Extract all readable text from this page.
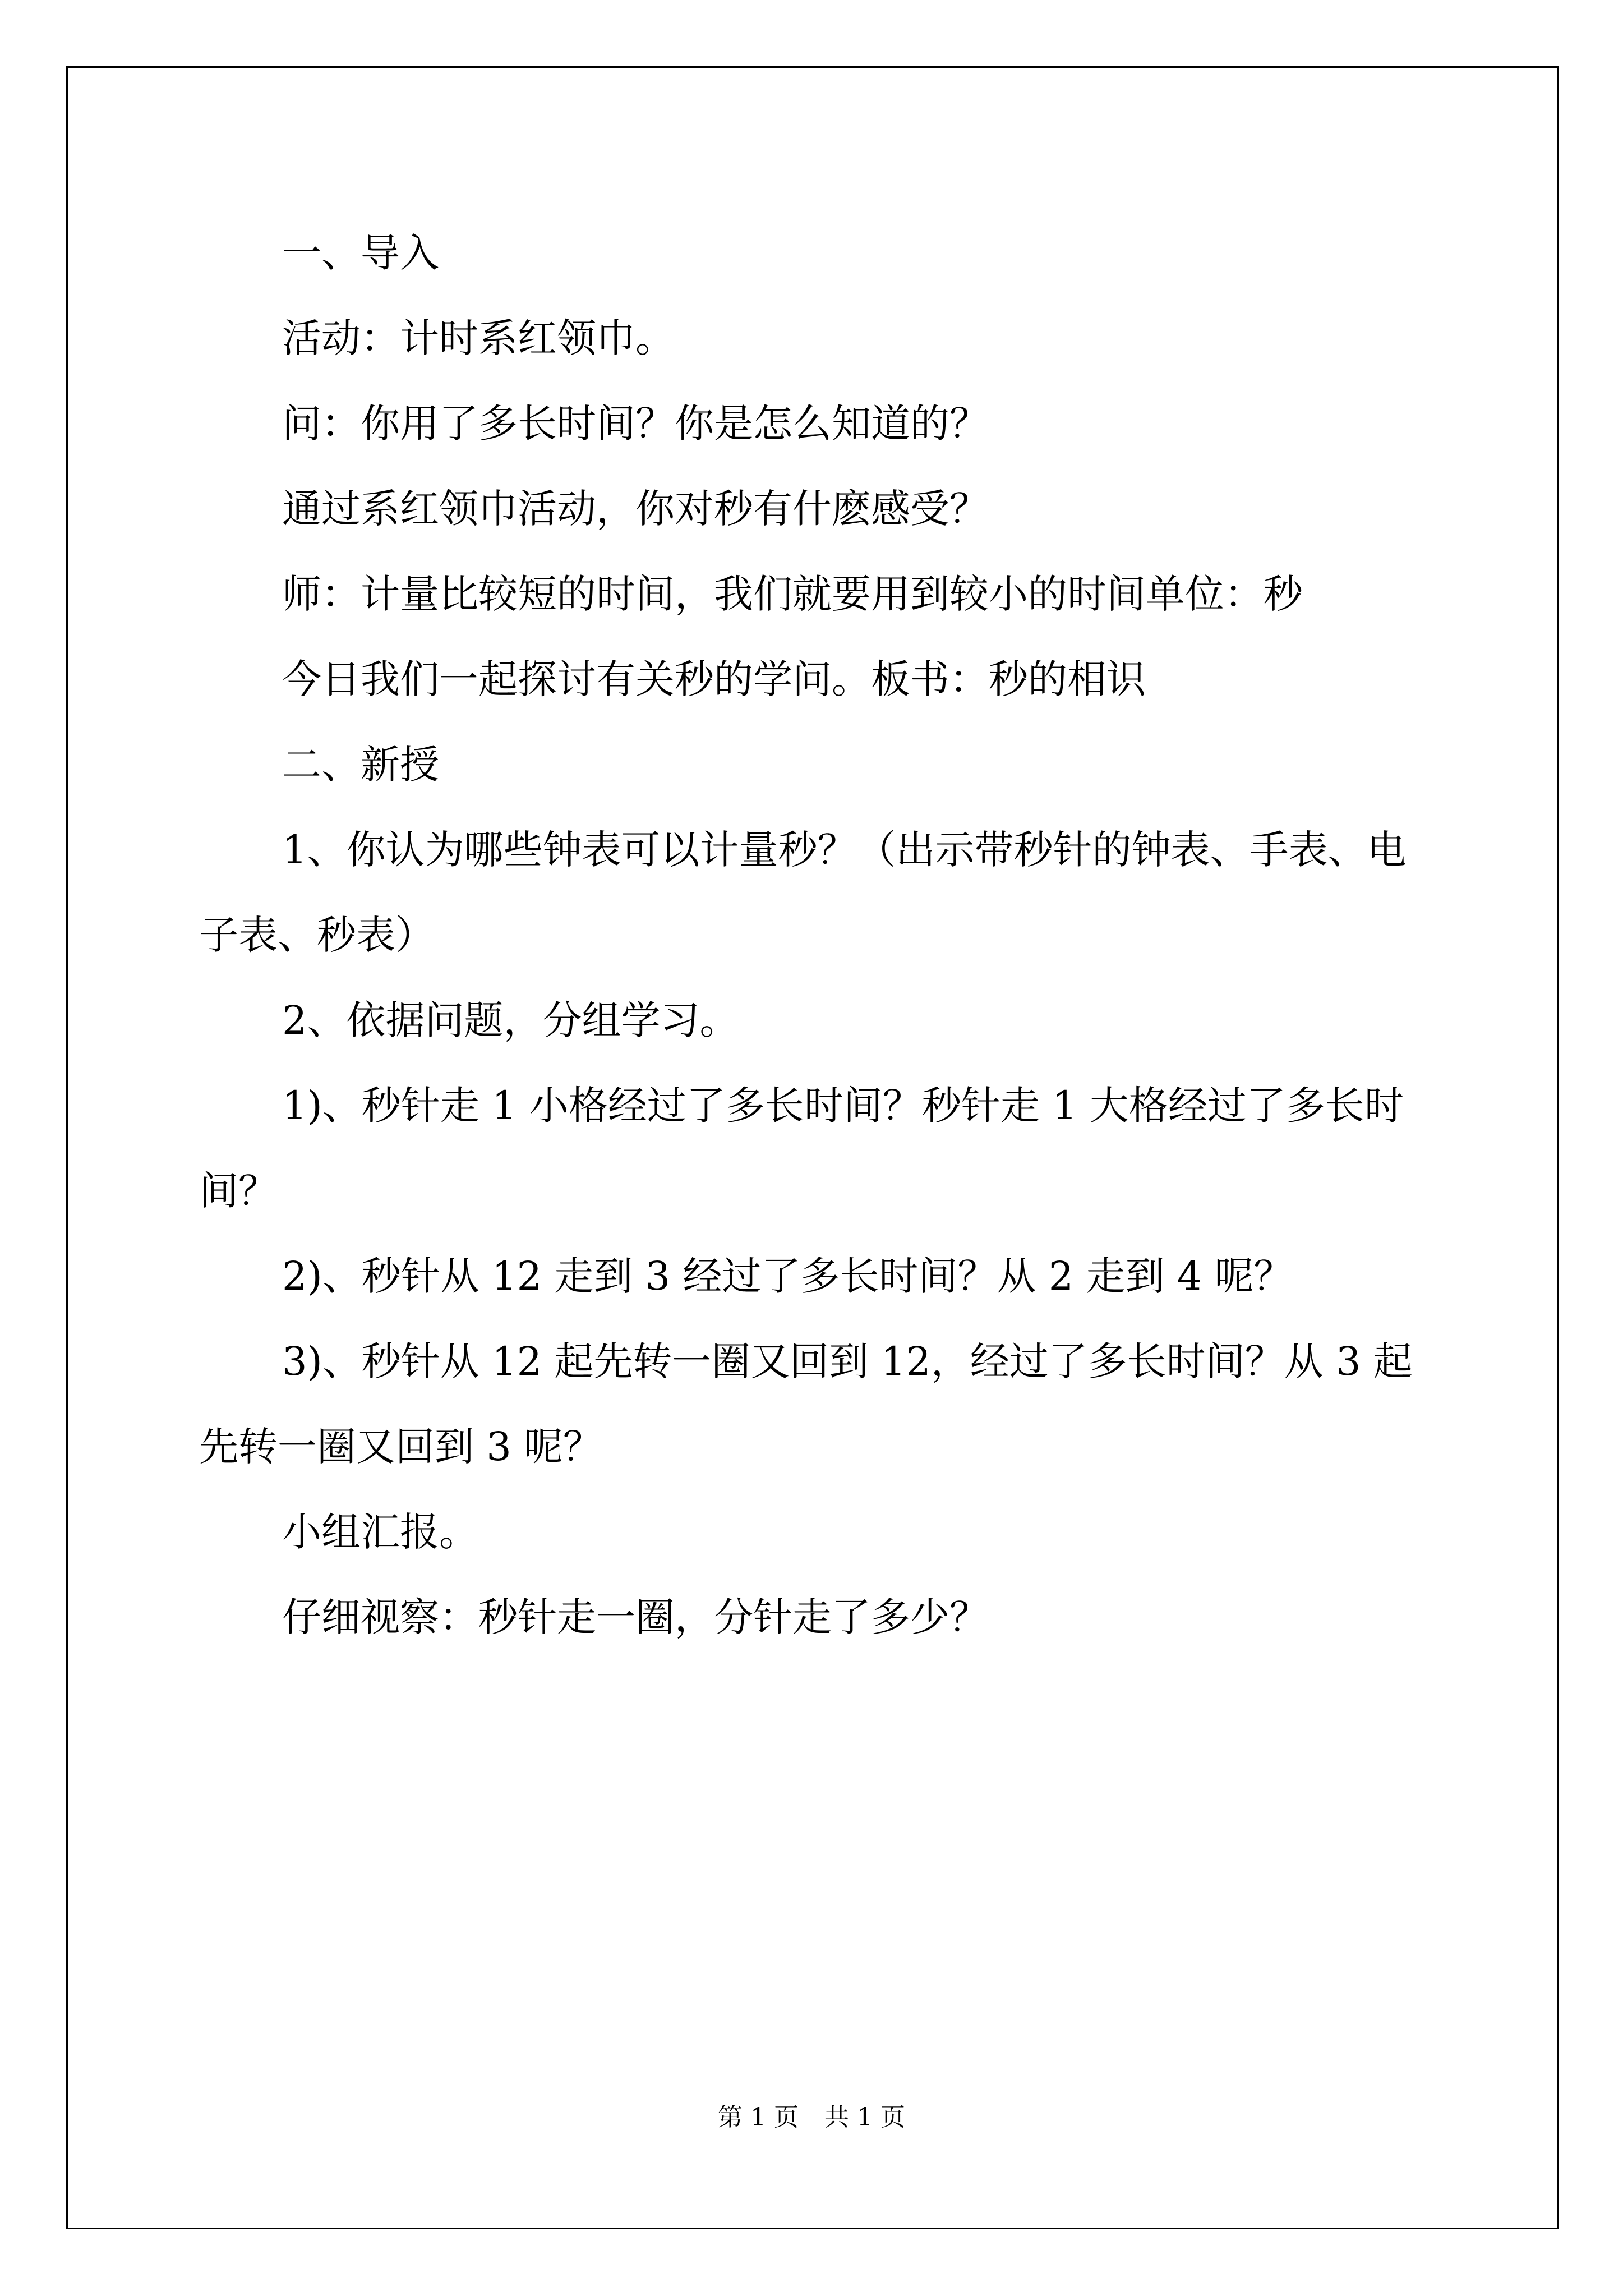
一、导入

活动：计时系红领巾。

问：你用了多长时间？你是怎么知道的？

通过系红领巾活动，你对秒有什麽感受？

师：计量比较短的时间，我们就要用到较小的时间单位：秒

今日我们一起探讨有关秒的学问。板书：秒的相识

二、新授

1、你认为哪些钟表可以计量秒？（出示带秒针的钟表、手表、电子表、秒表）

2、依据问题，分组学习。

1)、秒针走 1 小格经过了多长时间？秒针走 1 大格经过了多长时间？

2)、秒针从 12 走到 3 经过了多长时间？从 2 走到 4 呢？

3)、秒针从 12 起先转一圈又回到 12，经过了多长时间？从 3 起先转一圈又回到 3 呢？

小组汇报。

仔细视察：秒针走一圈，分针走了多少？

第 1 页 共 1 页
